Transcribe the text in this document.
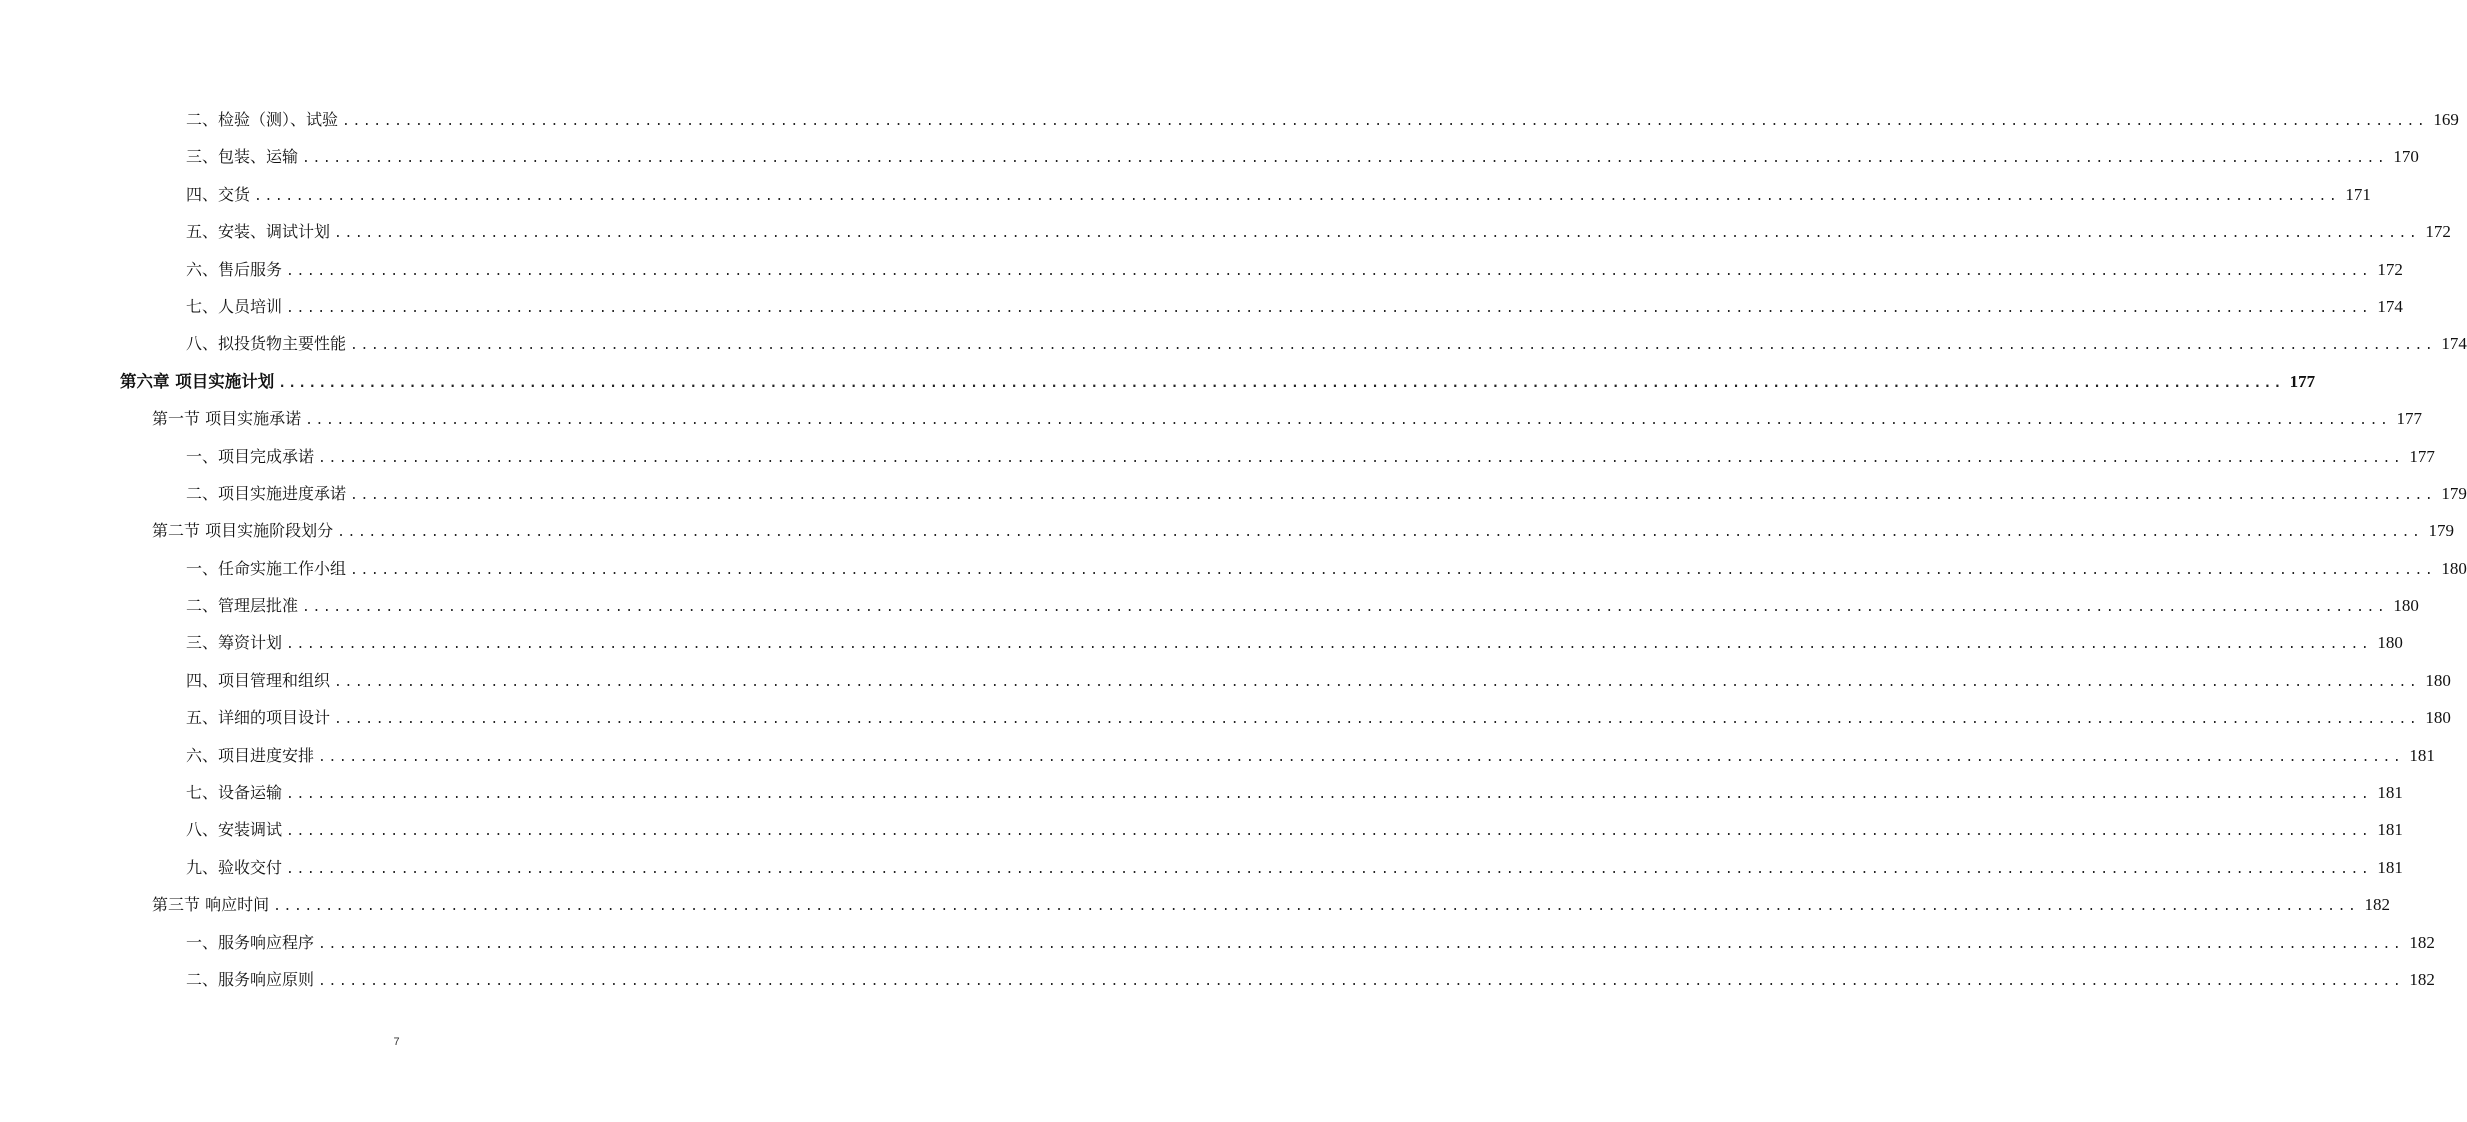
二、检验（测）、试验 ........................................................................................................................................................................................................ 169
三、包装、运输 ........................................................................................................................................................................................................ 170
四、交货 ........................................................................................................................................................................................................ 171
五、安装、调试计划 ........................................................................................................................................................................................................ 172
六、售后服务 ........................................................................................................................................................................................................ 172
七、人员培训 ........................................................................................................................................................................................................ 174
八、拟投货物主要性能 ........................................................................................................................................................................................................ 174
第六章 项目实施计划 ........................................................................................................................................................................................................ 177
第一节 项目实施承诺 ........................................................................................................................................................................................................ 177
一、项目完成承诺 ........................................................................................................................................................................................................ 177
二、项目实施进度承诺 ........................................................................................................................................................................................................ 179
第二节 项目实施阶段划分 ........................................................................................................................................................................................................ 179
一、任命实施工作小组 ........................................................................................................................................................................................................ 180
二、管理层批准 ........................................................................................................................................................................................................ 180
三、筹资计划 ........................................................................................................................................................................................................ 180
四、项目管理和组织 ........................................................................................................................................................................................................ 180
五、详细的项目设计 ........................................................................................................................................................................................................ 180
六、项目进度安排 ........................................................................................................................................................................................................ 181
七、设备运输 ........................................................................................................................................................................................................ 181
八、安装调试 ........................................................................................................................................................................................................ 181
九、验收交付 ........................................................................................................................................................................................................ 181
第三节 响应时间 ........................................................................................................................................................................................................ 182
一、服务响应程序 ........................................................................................................................................................................................................ 182
二、服务响应原则 ........................................................................................................................................................................................................ 182
7
